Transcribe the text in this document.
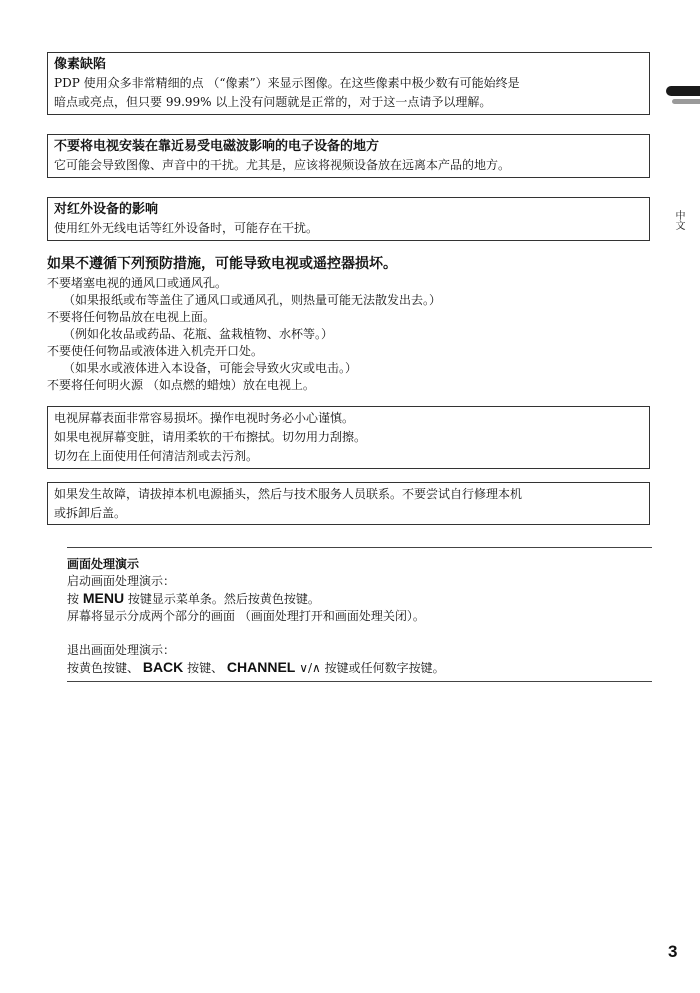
像素缺陷
PDP 使用众多非常精细的点 （“像素”）来显示图像。在这些像素中极少数有可能始终是
暗点或亮点，但只要 99.99% 以上没有问题就是正常的，对于这一点请予以理解。
不要将电视安装在靠近易受电磁波影响的电子设备的地方
它可能会导致图像、声音中的干扰。尤其是，应该将视频设备放在远离本产品的地方。
对红外设备的影响
使用红外无线电话等红外设备时，可能存在干扰。
如果不遵循下列预防措施，可能导致电视或遥控器损坏。
不要堵塞电视的通风口或通风孔。
（如果报纸或布等盖住了通风口或通风孔，则热量可能无法散发出去。）
不要将任何物品放在电视上面。
（例如化妆品或药品、花瓶、盆栽植物、水杯等。）
不要使任何物品或液体进入机壳开口处。
（如果水或液体进入本设备，可能会导致火灾或电击。）
不要将任何明火源 （如点燃的蜡烛）放在电视上。
电视屏幕表面非常容易损坏。操作电视时务必小心谨慎。
如果电视屏幕变脏，请用柔软的干布擦拭。切勿用力刮擦。
切勿在上面使用任何清洁剂或去污剂。
如果发生故障，请拔掉本机电源插头，然后与技术服务人员联系。不要尝试自行修理本机
或拆卸后盖。
画面处理演示
启动画面处理演示：
按 MENU 按键显示菜单条。然后按黄色按键。
屏幕将显示分成两个部分的画面 （画面处理打开和画面处理关闭）。
退出画面处理演示：
按黄色按键、 BACK 按键、 CHANNEL ∨/∧ 按键或任何数字按键。
中文
3
